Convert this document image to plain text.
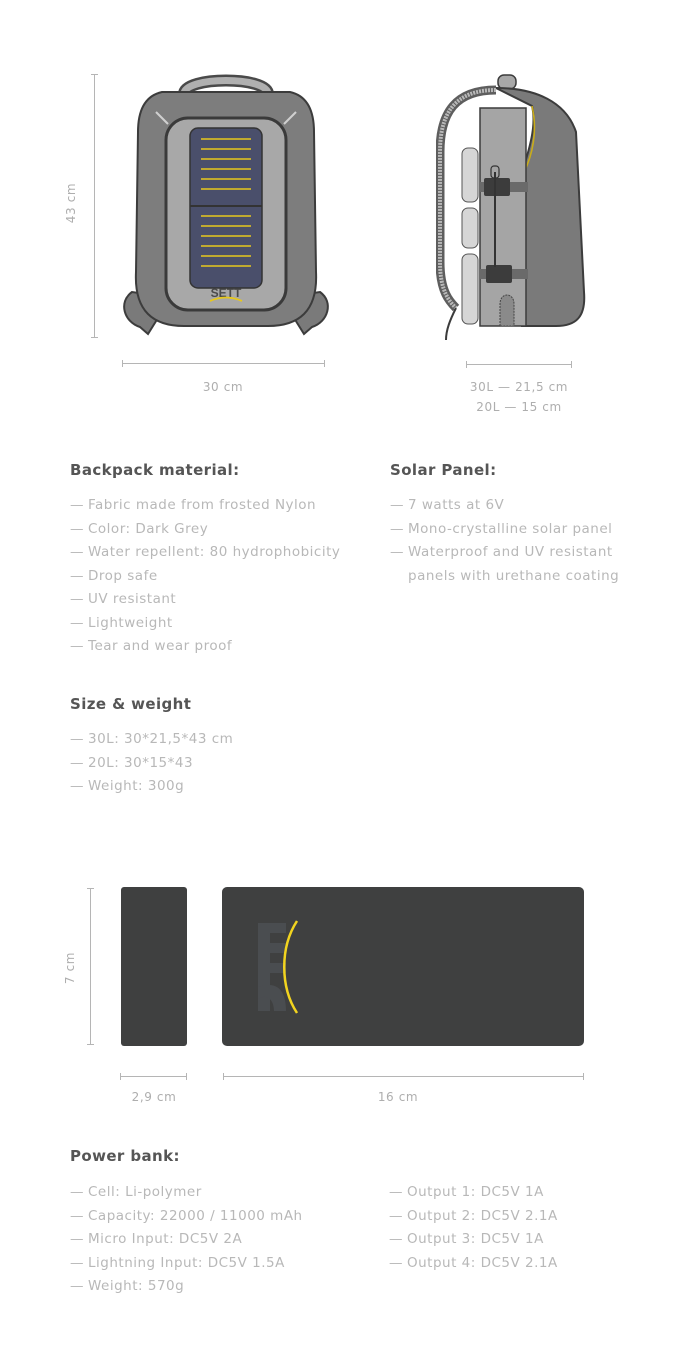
43 cm
SETT
30 cm	30L — 21,5 cm
20L — 15 cm
Backpack material:
— Fabric made from frosted Nylon
— Color: Dark Grey
— Water repellent: 80 hydrophobicity
— Drop safe
— UV resistant
— Lightweight
— Tear and wear proof
Solar Panel:
— 7 watts at 6V
— Mono-crystalline solar panel
— Waterproof and UV resistant
panels with urethane coating
Size & weight
— 30L: 30*21,5*43 cm
— 20L: 30*15*43
— Weight: 300g
7 cm
2,9 cm	16 cm
Power bank:
— Cell: Li-polymer
— Capacity: 22000 / 11000 mAh
— Micro Input: DC5V 2A
— Lightning Input: DC5V 1.5A
— Weight: 570g
— Output 1: DC5V 1A
— Output 2: DC5V 2.1A
— Output 3: DC5V 1A
— Output 4: DC5V 2.1A
